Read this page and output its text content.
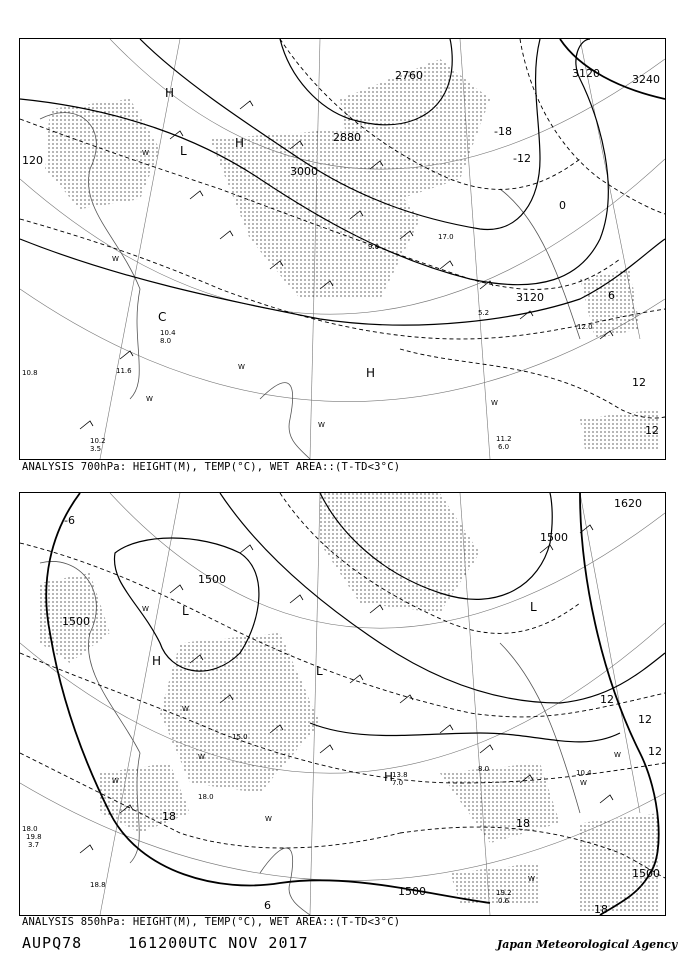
2760
2880
3000
3120	3240
3120
120
-18
-12
0
12
6
12
H
L
H
H
C
W
W
W
W
W
W
11.2
6.0
10.2
3.5
11.6
10.8
12.0
5.2
17.0
9.0
10.4
8.0
ANALYSIS 700hPa: HEIGHT(M), TEMP(°C), WET AREA::(T-TD<3°C)
1500
1500
1500
1500
1620
1500
18
12
12
12
18
18
6
-6
H
L	L
H
L
W
W
W
W
W
W
W
W
19.2
0.6
18.8
10.4
15.0
18.0
8.0
13.8
7.0
18.0
19.8
3.7
ANALYSIS 850hPa: HEIGHT(M), TEMP(°C), WET AREA::(T-TD<3°C)
AUPQ78	161200UTC NOV 2017	Japan Meteorological Agency
